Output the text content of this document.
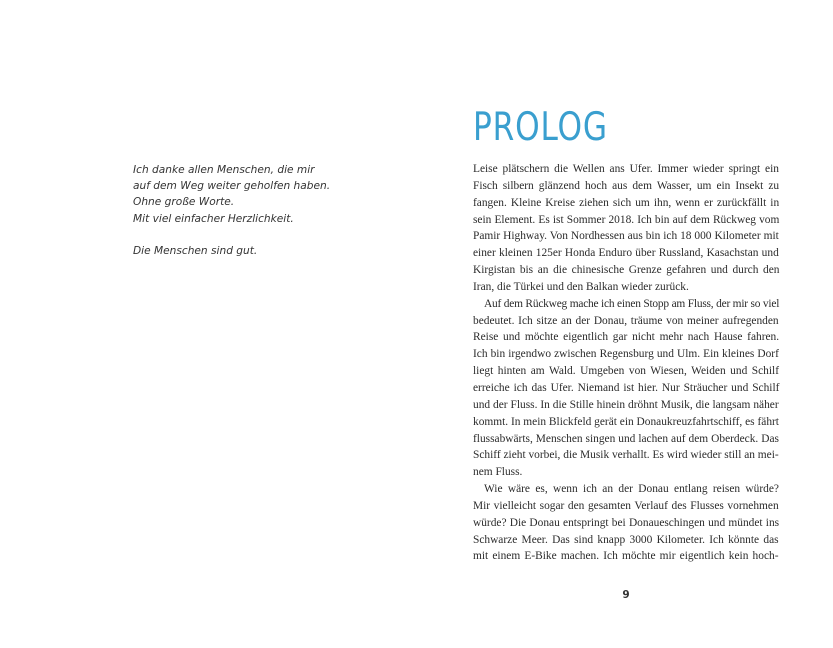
Ich danke allen Menschen, die mir
auf dem Weg weiter geholfen haben.
Ohne große Worte.
Mit viel einfacher Herzlichkeit.
Die Menschen sind gut.
PROLOG

Leise plätschern die Wellen ans Ufer. Immer wieder springt ein
Fisch silbern glänzend hoch aus dem Wasser, um ein Insekt zu
fangen. Kleine Kreise ziehen sich um ihn, wenn er zurückfällt in
sein Element. Es ist Sommer 2018. Ich bin auf dem Rückweg vom
Pamir Highway. Von Nordhessen aus bin ich 18 000 Kilometer mit
einer kleinen 125er Honda Enduro über Russland, Kasachstan und
Kirgistan bis an die chinesische Grenze gefahren und durch den
Iran, die Türkei und den Balkan wieder zurück.

Auf dem Rückweg mache ich einen Stopp am Fluss, der mir so viel
bedeutet. Ich sitze an der Donau, träume von meiner aufregenden
Reise und möchte eigentlich gar nicht mehr nach Hause fahren.
Ich bin irgendwo zwischen Regensburg und Ulm. Ein kleines Dorf
liegt hinten am Wald. Umgeben von Wiesen, Weiden und Schilf
erreiche ich das Ufer. Niemand ist hier. Nur Sträucher und Schilf
und der Fluss. In die Stille hinein dröhnt Musik, die langsam näher
kommt. In mein Blickfeld gerät ein Donaukreuzfahrtschiff, es fährt
flussabwärts, Menschen singen und lachen auf dem Oberdeck. Das
Schiff zieht vorbei, die Musik verhallt. Es wird wieder still an mei-
nem Fluss.

Wie wäre es, wenn ich an der Donau entlang reisen würde?
Mir vielleicht sogar den gesamten Verlauf des Flusses vornehmen
würde? Die Donau entspringt bei Donaueschingen und mündet ins
Schwarze Meer. Das sind knapp 3000 Kilometer. Ich könnte das
mit einem E-Bike machen. Ich möchte mir eigentlich kein hoch-

9
